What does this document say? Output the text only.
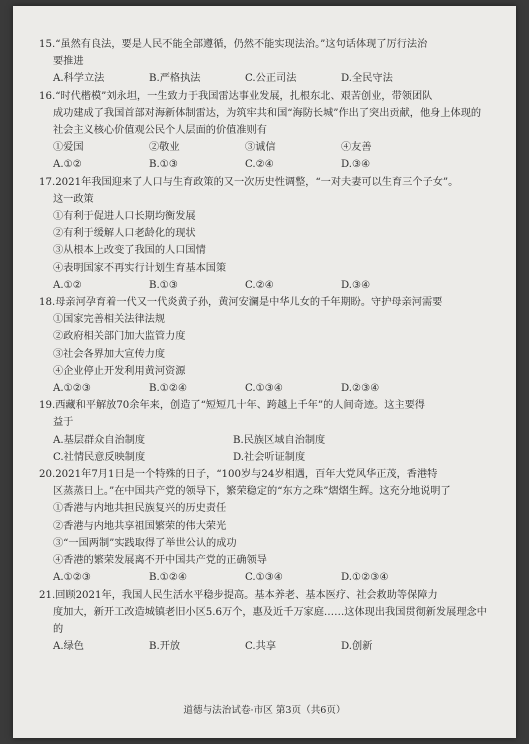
15.“虽然有良法，要是人民不能全部遵循，仍然不能实现法治。”这句话体现了厉行法治
要推进
A.科学立法	B.严格执法	C.公正司法	D.全民守法
16.“时代楷模”刘永坦，一生致力于我国雷达事业发展，扎根东北、艰苦创业，带领团队
成功建成了我国首部对海新体制雷达，为筑牢共和国“海防长城”作出了突出贡献，他身上体现的社会主义核心价值观公民个人层面的价值准则有
①爱国	②敬业	③诚信	④友善
A.①②	B.①③	C.②④	D.③④
17.2021年我国迎来了人口与生育政策的又一次历史性调整，“一对夫妻可以生育三个子女”。
这一政策
①有利于促进人口长期均衡发展
②有利于缓解人口老龄化的现状
③从根本上改变了我国的人口国情
④表明国家不再实行计划生育基本国策
A.①②	B.①③	C.②④	D.③④
18.母亲河孕育着一代又一代炎黄子孙，黄河安澜是中华儿女的千年期盼。守护母亲河需要
①国家完善相关法律法规
②政府相关部门加大监管力度
③社会各界加大宣传力度
④企业停止开发利用黄河资源
A.①②③	B.①②④	C.①③④	D.②③④
19.西藏和平解放70余年来，创造了“短短几十年、跨越上千年”的人间奇迹。这主要得
益于
A.基层群众自治制度	B.民族区域自治制度
C.社情民意反映制度	D.社会听证制度
20.2021年7月1日是一个特殊的日子，“100岁与24岁相遇，百年大党风华正茂，香港特
区蒸蒸日上。”在中国共产党的领导下，繁荣稳定的“东方之珠”熠熠生辉。这充分地说明了
①香港与内地共担民族复兴的历史责任
②香港与内地共享祖国繁荣的伟大荣光
③“一国两制”实践取得了举世公认的成功
④香港的繁荣发展离不开中国共产党的正确领导
A.①②③	B.①②④	C.①③④	D.①②③④
21.回顾2021年，我国人民生活水平稳步提高。基本养老、基本医疗、社会救助等保障力
度加大，新开工改造城镇老旧小区5.6万个，惠及近千万家庭……这体现出我国贯彻新发展理念中的
A.绿色	B.开放	C.共享	D.创新
道德与法治试卷·市区 第3页（共6页）
